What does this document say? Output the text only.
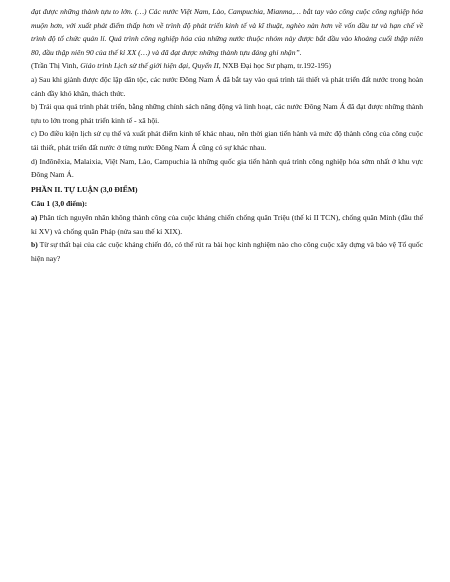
đạt được những thành tựu to lớn. (…) Các nước Việt Nam, Lào, Campuchia, Mianma,… bắt tay vào công cuộc công nghiệp hóa muộn hơn, với xuất phát điểm thấp hơn về trình độ phát triển kinh tế và kĩ thuật, nghèo nàn hơn về vốn đầu tư và hạn chế về trình độ tổ chức quản lí. Quá trình công nghiệp hóa của những nước thuộc nhóm này được bắt đầu vào khoảng cuối thập niên 80, đầu thập niên 90 của thế kỉ XX (…) và đã đạt được những thành tựu đáng ghi nhận”.

(Trần Thị Vinh, Giáo trình Lịch sử thế giới hiện đại, Quyển II, NXB Đại học Sư phạm, tr.192-195)

a) Sau khi giành được độc lập dân tộc, các nước Đông Nam Á đã bắt tay vào quá trình tái thiết và phát triển đất nước trong hoàn cảnh đầy khó khăn, thách thức.

b) Trải qua quá trình phát triển, bằng những chính sách năng động và linh hoạt, các nước Đông Nam Á đã đạt được những thành tựu to lớn trong phát triển kinh tế - xã hội.

c) Do điều kiện lịch sử cụ thể và xuất phát điểm kinh tế khác nhau, nên thời gian tiến hành và mức độ thành công của công cuộc tái thiết, phát triển đất nước ở từng nước Đông Nam Á cũng có sự khác nhau.

d) Inđônêxia, Malaixia, Việt Nam, Lào, Campuchia là những quốc gia tiến hành quá trình công nghiệp hóa sớm nhất ở khu vực Đông Nam Á.

PHẦN II. TỰ LUẬN (3,0 ĐIỂM)

Câu 1 (3,0 điểm):

a) Phân tích nguyên nhân không thành công của cuộc kháng chiến chống quân Triệu (thế kỉ II TCN), chống quân Minh (đầu thế kỉ XV) và chống quân Pháp (nửa sau thế kỉ XIX).

b) Từ sự thất bại của các cuộc kháng chiến đó, có thể rút ra bài học kinh nghiệm nào cho công cuộc xây dựng và bảo vệ Tổ quốc hiện nay?
